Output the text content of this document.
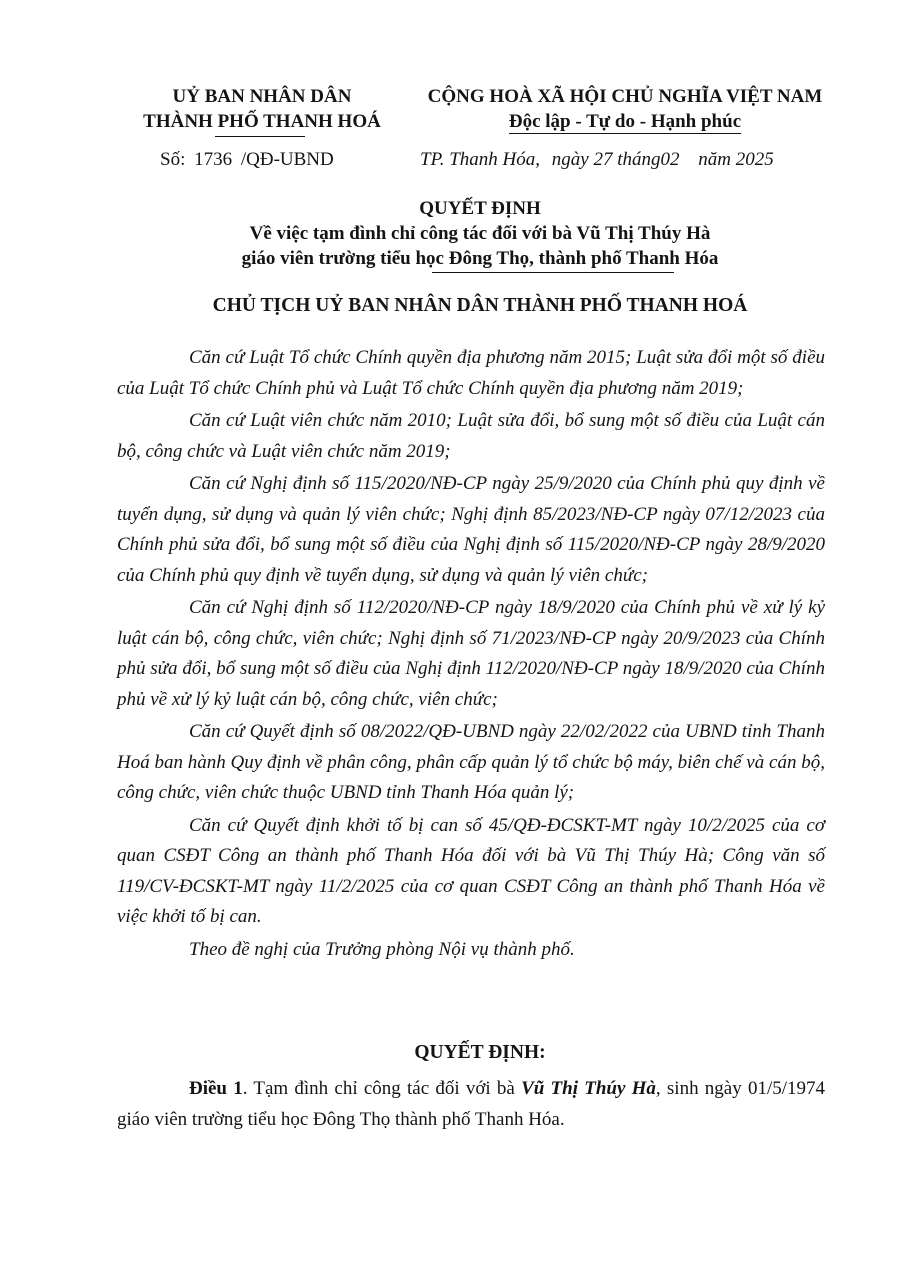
UỶ BAN NHÂN DÂN
THÀNH PHỐ THANH HOÁ
CỘNG HOÀ XÃ HỘI CHỦ NGHĨA VIỆT NAM
Độc lập - Tự do - Hạnh phúc
Số: 1736 /QĐ-UBND	TP. Thanh Hóa, ngày 27 tháng02 năm 2025
QUYẾT ĐỊNH
Về việc tạm đình chỉ công tác đối với bà Vũ Thị Thúy Hà
giáo viên trường tiểu học Đông Thọ, thành phố Thanh Hóa
CHỦ TỊCH UỶ BAN NHÂN DÂN THÀNH PHỐ THANH HOÁ

Căn cứ Luật Tổ chức Chính quyền địa phương năm 2015; Luật sửa đổi một số điều của Luật Tổ chức Chính phủ và Luật Tổ chức Chính quyền địa phương năm 2019;

Căn cứ Luật viên chức năm 2010; Luật sửa đổi, bổ sung một số điều của Luật cán bộ, công chức và Luật viên chức năm 2019;

Căn cứ Nghị định số 115/2020/NĐ-CP ngày 25/9/2020 của Chính phủ quy định về tuyển dụng, sử dụng và quản lý viên chức; Nghị định 85/2023/NĐ-CP ngày 07/12/2023 của Chính phủ sửa đổi, bổ sung một số điều của Nghị định số 115/2020/NĐ-CP ngày 28/9/2020 của Chính phủ quy định về tuyển dụng, sử dụng và quản lý viên chức;

Căn cứ Nghị định số 112/2020/NĐ-CP ngày 18/9/2020 của Chính phủ về xử lý kỷ luật cán bộ, công chức, viên chức; Nghị định số 71/2023/NĐ-CP ngày 20/9/2023 của Chính phủ sửa đổi, bổ sung một số điều của Nghị định 112/2020/NĐ-CP ngày 18/9/2020 của Chính phủ về xử lý kỷ luật cán bộ, công chức, viên chức;

Căn cứ Quyết định số 08/2022/QĐ-UBND ngày 22/02/2022 của UBND tỉnh Thanh Hoá ban hành Quy định về phân công, phân cấp quản lý tổ chức bộ máy, biên chế và cán bộ, công chức, viên chức thuộc UBND tỉnh Thanh Hóa quản lý;

Căn cứ Quyết định khởi tố bị can số 45/QĐ-ĐCSKT-MT ngày 10/2/2025 của cơ quan CSĐT Công an thành phố Thanh Hóa đối với bà Vũ Thị Thúy Hà; Công văn số 119/CV-ĐCSKT-MT ngày 11/2/2025 của cơ quan CSĐT Công an thành phố Thanh Hóa về việc khởi tố bị can.

Theo đề nghị của Trưởng phòng Nội vụ thành phố.

QUYẾT ĐỊNH:
Điều 1. Tạm đình chỉ công tác đối với bà Vũ Thị Thúy Hà, sinh ngày 01/5/1974 giáo viên trường tiểu học Đông Thọ thành phố Thanh Hóa.
